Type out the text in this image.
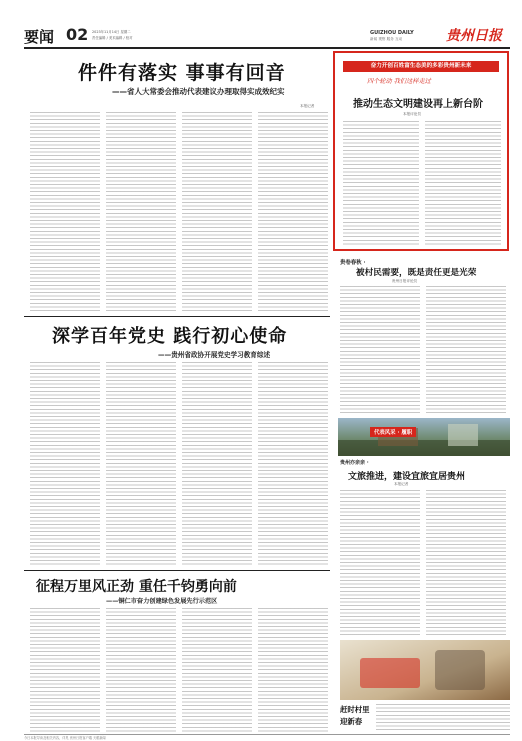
要闻 02 2023年11月14日 星期二
责任编辑 / 美术编辑 / 校对
GUIZHOU DAILY
新闻 观察 服务 互动	贵州日报
件件有落实 事事有回音
——省人大常委会推动代表建议办理取得实成效纪实
本报记者
奋力开创百姓富生态美的多彩贵州新未来
四个轮动 我们这样走过
推动生态文明建设再上新台阶
本报评论员
贵卷春秋 ·
被村民需要，既是责任更是光荣
贵州日报评论员
代表风采 · 履职
贵州亦亲亲 ·
文旅推进，建设宜旅宜居贵州
本报记者
深学百年党史 践行初心使命
——贵州省政协开展党史学习教育综述
征程万里风正劲 重任千钧勇向前
——铜仁市奋力创建绿色发展先行示范区
赶时村里
迎新春
今日本报导读及相关内容，详见 贵州日报客户端 天眼新闻
